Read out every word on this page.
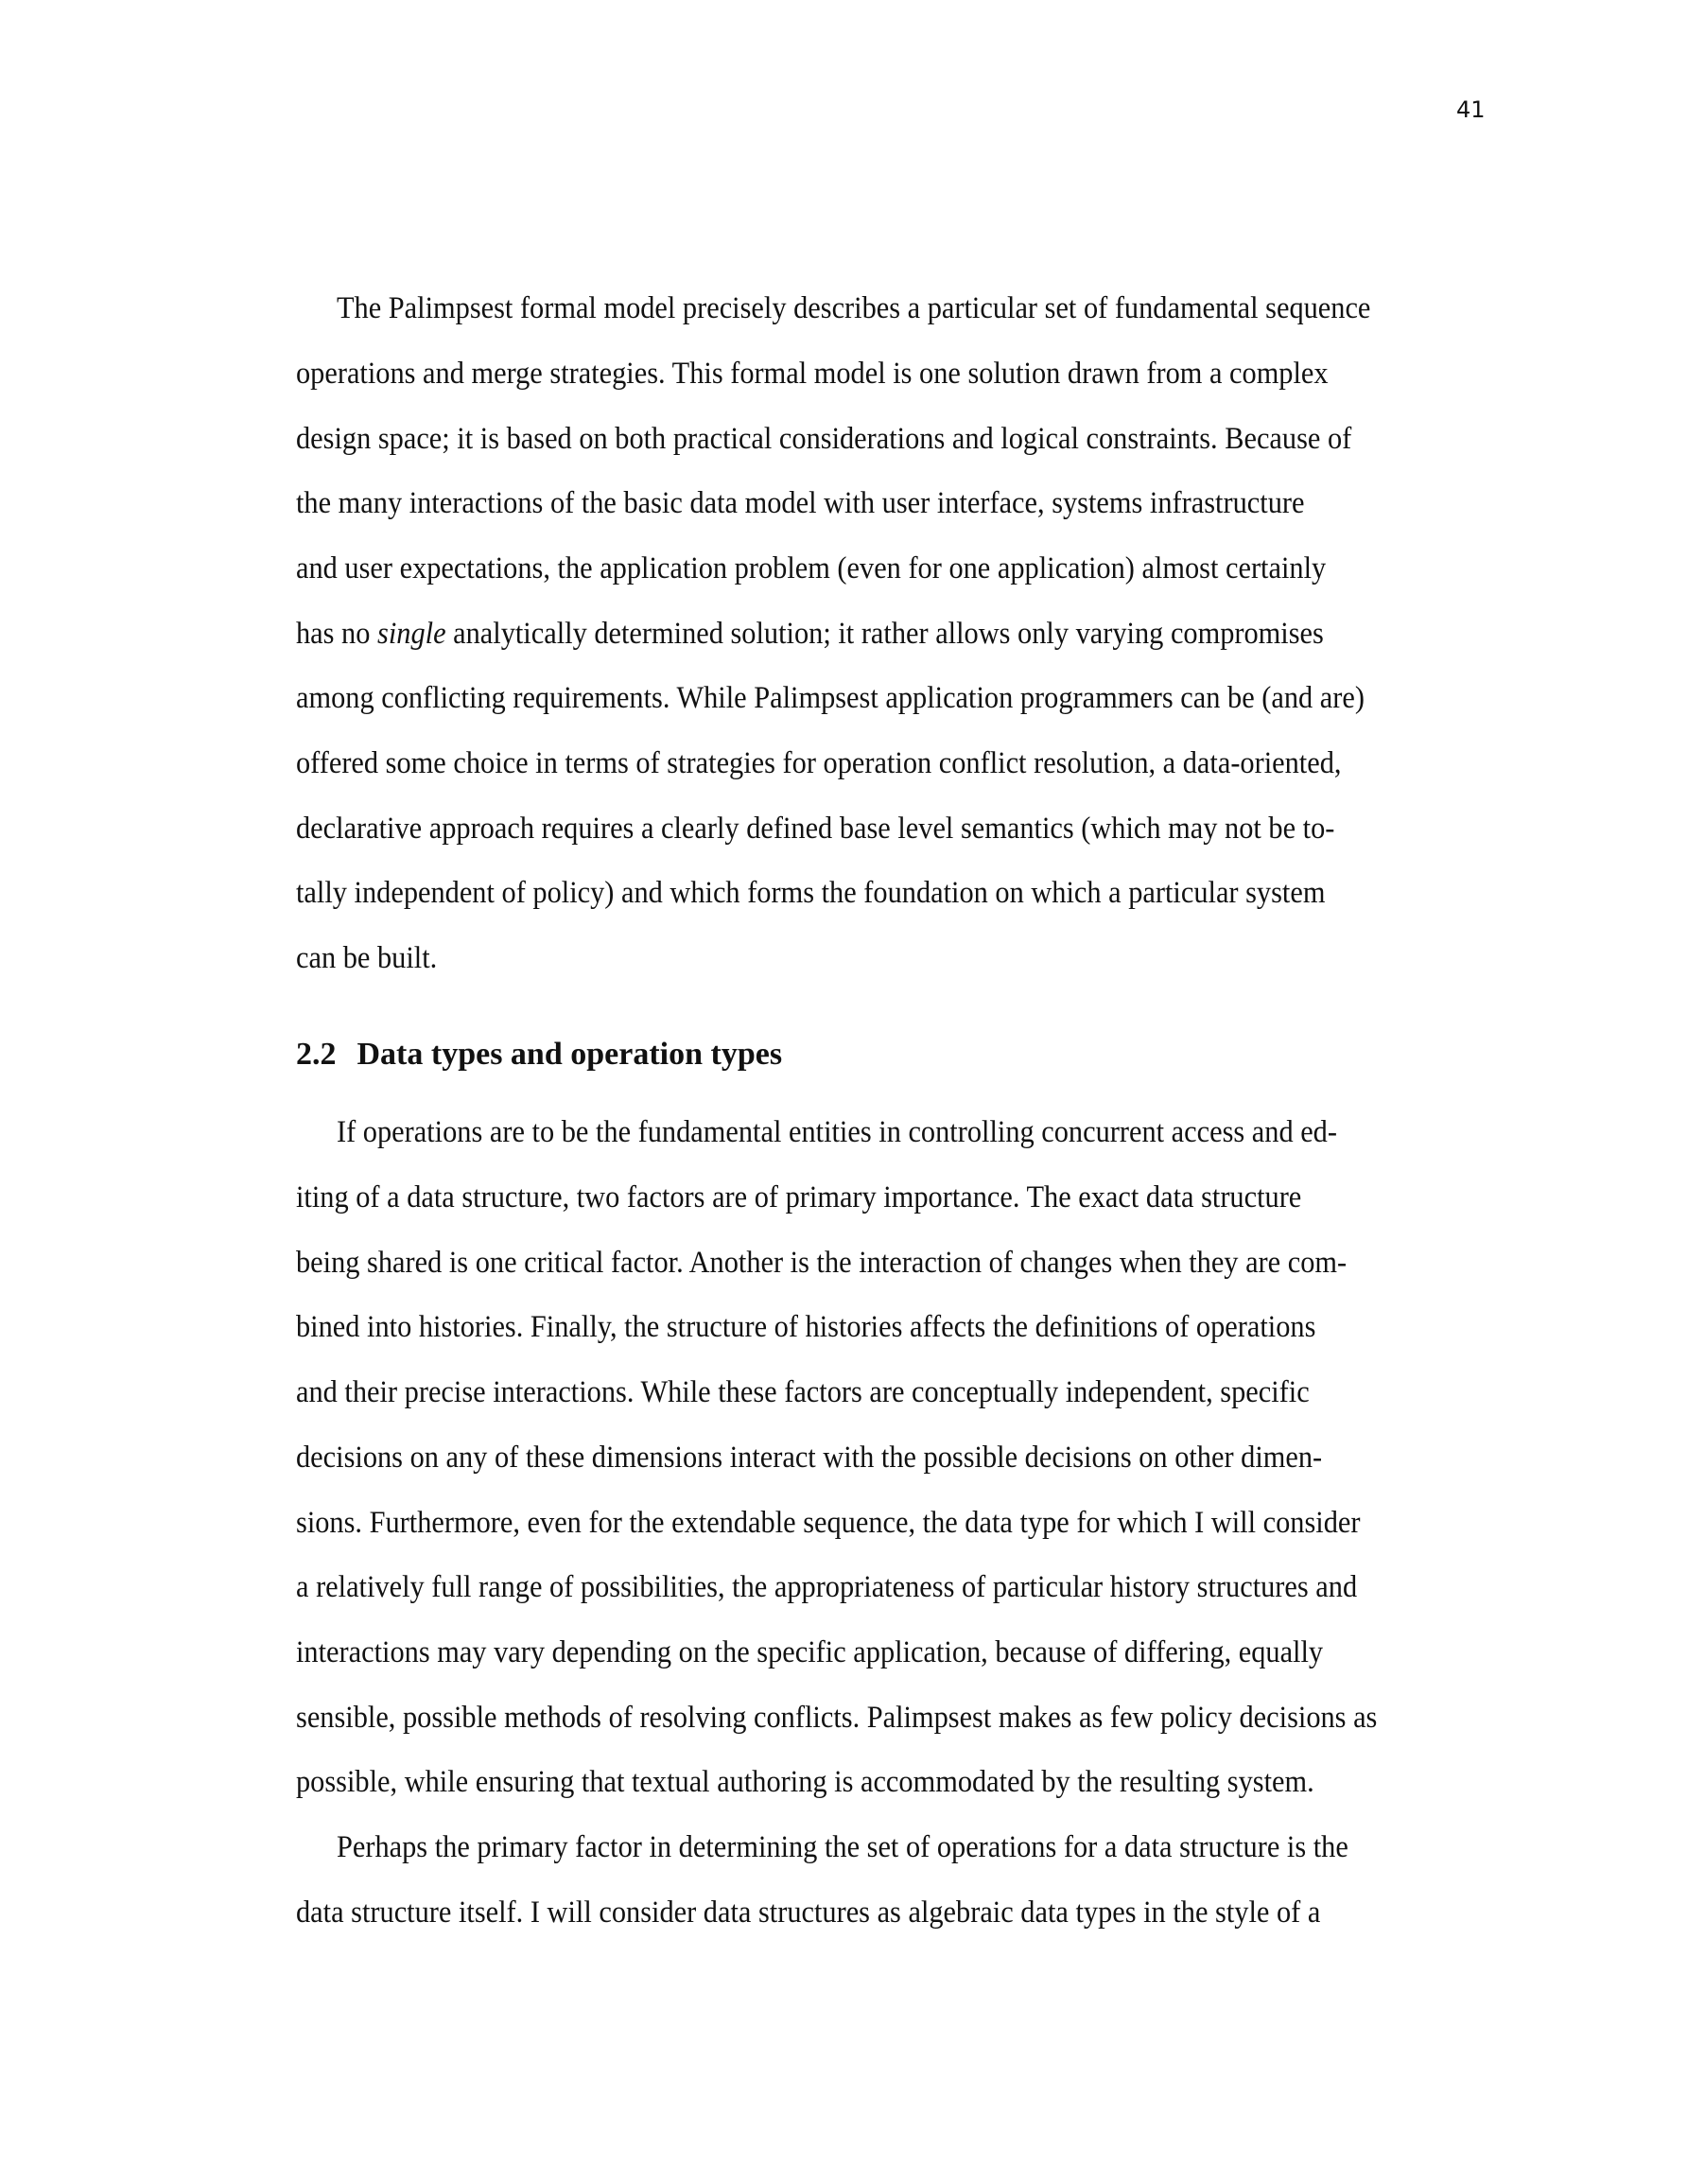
41
The Palimpsest formal model precisely describes a particular set of fundamental sequence
operations and merge strategies. This formal model is one solution drawn from a complex
design space; it is based on both practical considerations and logical constraints. Because of
the many interactions of the basic data model with user interface, systems infrastructure
and user expectations, the application problem (even for one application) almost certainly
has no single analytically determined solution; it rather allows only varying compromises
among conflicting requirements. While Palimpsest application programmers can be (and are)
offered some choice in terms of strategies for operation conflict resolution, a data-oriented,
declarative approach requires a clearly defined base level semantics (which may not be to-
tally independent of policy) and which forms the foundation on which a particular system
can be built.
2.2 Data types and operation types
If operations are to be the fundamental entities in controlling concurrent access and ed-
iting of a data structure, two factors are of primary importance. The exact data structure
being shared is one critical factor. Another is the interaction of changes when they are com-
bined into histories. Finally, the structure of histories affects the definitions of operations
and their precise interactions. While these factors are conceptually independent, specific
decisions on any of these dimensions interact with the possible decisions on other dimen-
sions. Furthermore, even for the extendable sequence, the data type for which I will consider
a relatively full range of possibilities, the appropriateness of particular history structures and
interactions may vary depending on the specific application, because of differing, equally
sensible, possible methods of resolving conflicts. Palimpsest makes as few policy decisions as
possible, while ensuring that textual authoring is accommodated by the resulting system.
Perhaps the primary factor in determining the set of operations for a data structure is the
data structure itself. I will consider data structures as algebraic data types in the style of a
